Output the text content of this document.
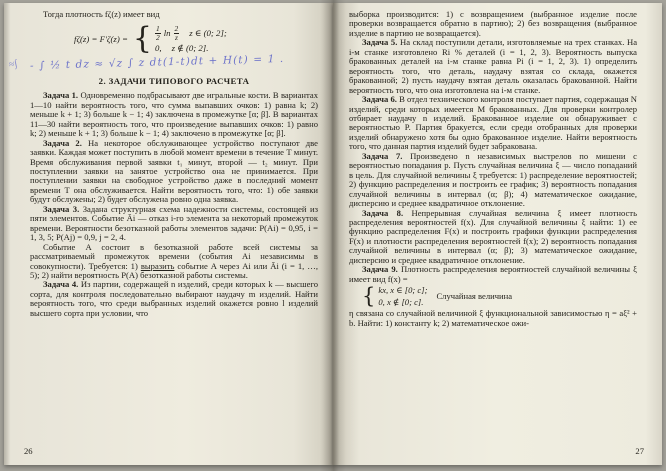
≈∫

Тогда плотность fζ(z) имеет вид

fζ(z) = F′ζ(z) = { $\frac{1}{2}$ $\ln \frac{2}{z}$ z ∈ (0; 2];
0, z ∉ (0; 2].
- ∫ ½ t dz ≈ √z ∫ z dt(1-t)dt + H(t) = 1 .
2. ЗАДАЧИ ТИПОВОГО РАСЧЕТА

Задача 1. Одновременно подбрасывают две игральные кости. В вариантах 1—10 найти вероятность того, что сумма выпавших очков: 1) равна k; 2) меньше k + 1; 3) больше k − 1; 4) заключена в промежутке [α; β]. В вариантах 11—30 найти вероятность того, что произведение выпавших очков: 1) равно k; 2) меньше k + 1; 3) больше k − 1; 4) заключено в промежутке [α; β].

Задача 2. На некоторое обслуживающее устройство поступают две заявки. Каждая может поступить в любой момент времени в течение T минут. Время обслуживания первой заявки t₁ минут, второй — t₂ минут. При поступлении заявки на занятое устройство она не принимается. При поступлении заявки на свободное устройство даже в последний момент времени T она обслуживается. Найти вероятность того, что: 1) обе заявки будут обслужены; 2) будет обслужена ровно одна заявка.

Задача 3. Задана структурная схема надежности системы, состоящей из пяти элементов. Событие Āi — отказ i-го элемента за некоторый промежуток времени. Вероятности безотказной работы элементов задачи: P(Ai) = 0,95, i = 1, 3, 5; P(Aj) = 0,9, j = 2, 4.

Событие A состоит в безотказной работе всей системы за рассматриваемый промежуток времени (события Ai независимы в совокупности). Требуется: 1) выразить событие A через Ai или Āi (i = 1, …, 5); 2) найти вероятность P(A) безотказной работы системы.

Задача 4. Из партии, содержащей n изделий, среди которых k — высшего сорта, для контроля последовательно выбирают наудачу m изделий. Найти вероятность того, что среди выбранных изделий окажется ровно l изделий высшего сорта при условии, что

26

выборка производится: 1) с возвращением (выбранное изделие после проверки возвращается обратно в партию); 2) без возвращения (выбранное изделие в партию не возвращается).

Задача 5. На склад поступили детали, изготовляемые на трех станках. На i-м станке изготовлено Ri % деталей (i = 1, 2, 3). Вероятность выпуска бракованных деталей на i-м станке равна Pi (i = 1, 2, 3). 1) определить вероятность того, что деталь, наудачу взятая со склада, окажется бракованной; 2) пусть наудачу взятая деталь оказалась бракованной. Найти вероятность того, что она изготовлена на i-м станке.

Задача 6. В отдел технического контроля поступает партия, содержащая N изделий, среди которых имеется M бракованных. Для проверки контролер отбирает наудачу n изделий. Бракованное изделие он обнаруживает с вероятностью P. Партия бракуется, если среди отобранных для проверки изделий обнаружено хотя бы одно бракованное изделие. Найти вероятность того, что данная партия изделий будет забракована.

Задача 7. Произведено n независимых выстрелов по мишени с вероятностью попадания p. Пусть случайная величина ξ — число попаданий в цель. Для случайной величины ξ требуется: 1) распределение вероятностей; 2) функцию распределения и построить ее график; 3) вероятность попадания случайной величины в интервал (α; β); 4) математическое ожидание, дисперсию и среднее квадратичное отклонение.

Задача 8. Непрерывная случайная величина ξ имеет плотность распределения вероятностей f(x). Для случайной величины ξ найти: 1) ее функцию распределения F(x) и построить графики функции распределения F(x) и плотности распределения вероятностей f(x); 2) вероятность попадания случайной величины в интервал (α; β); 3) математическое ожидание, дисперсию и среднее квадратичное отклонение.

Задача 9. Плотность распределения вероятностей случайной величины ξ имеет вид f(x) =

{ kx, x ∈ [0; c];
0, x ∉ [0; c].
Случайная величина

η связана со случайной величиной ξ функциональной зависимостью η = aξ² + b. Найти: 1) константу k; 2) математическое ожи-

27
